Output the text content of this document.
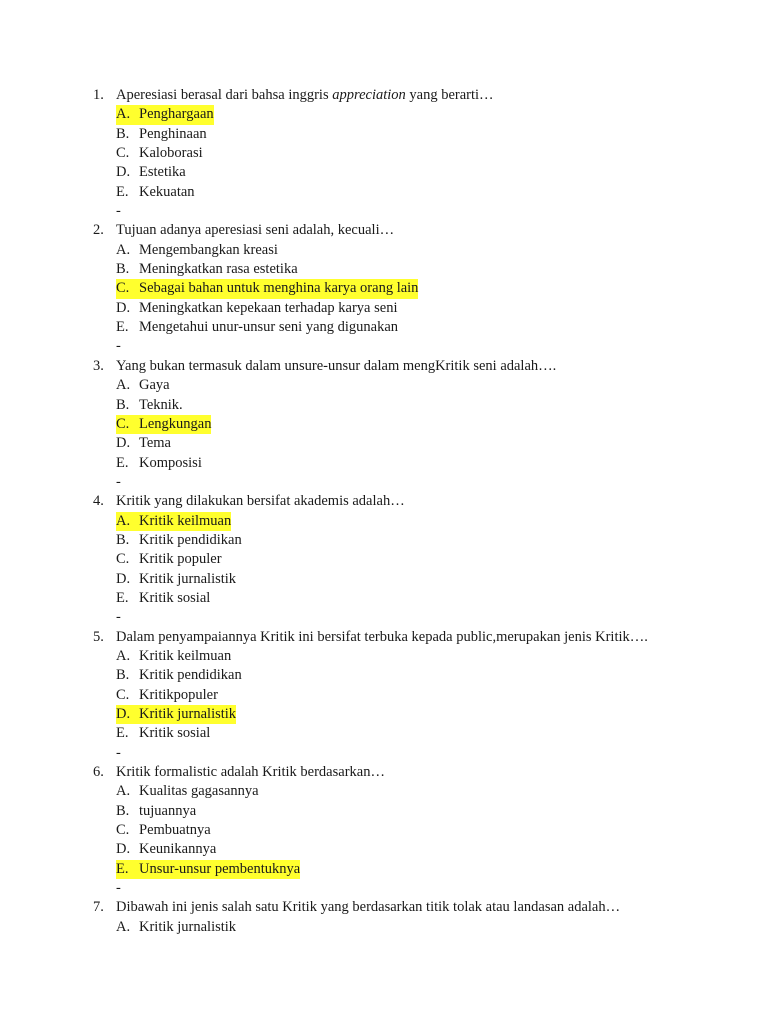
1. Aperesiasi berasal dari bahsa inggris appreciation yang berarti…
A. Penghargaan
B. Penghinaan
C. Kaloborasi
D. Estetika
E. Kekuatan
-
2. Tujuan adanya aperesiasi seni adalah, kecuali…
A. Mengembangkan kreasi
B. Meningkatkan rasa estetika
C. Sebagai bahan untuk menghina karya orang lain
D. Meningkatkan kepekaan terhadap karya seni
E. Mengetahui unur-unsur seni yang digunakan
-
3. Yang bukan termasuk dalam unsure-unsur dalam mengKritik seni adalah….
A. Gaya
B. Teknik.
C. Lengkungan
D. Tema
E. Komposisi
-
4. Kritik yang dilakukan bersifat akademis adalah…
A. Kritik keilmuan
B. Kritik pendidikan
C. Kritik populer
D. Kritik jurnalistik
E. Kritik sosial
-
5. Dalam penyampaiannya Kritik ini bersifat terbuka kepada public,merupakan jenis Kritik….
A. Kritik keilmuan
B. Kritik pendidikan
C. Kritikpopuler
D. Kritik jurnalistik
E. Kritik sosial
-
6. Kritik formalistic adalah Kritik berdasarkan…
A. Kualitas gagasannya
B. tujuannya
C. Pembuatnya
D. Keunikannya
E. Unsur-unsur pembentuknya
-
7. Dibawah ini jenis salah satu Kritik yang berdasarkan titik tolak atau landasan adalah…
A. Kritik jurnalistik
